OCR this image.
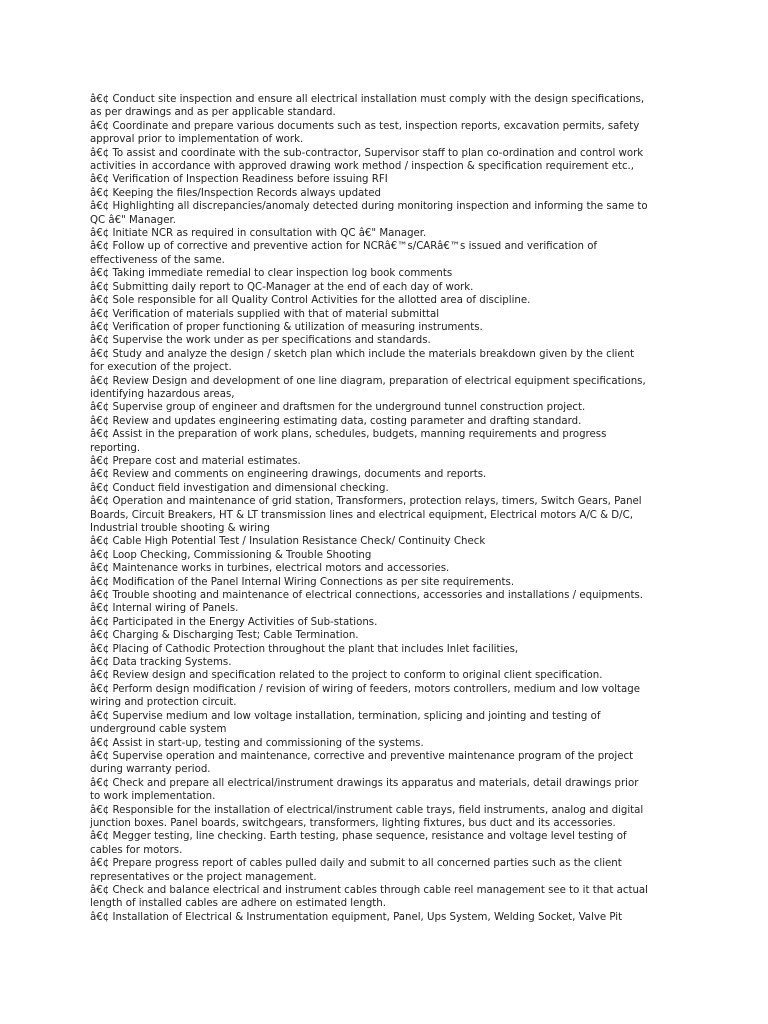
â€¢ Conduct site inspection and ensure all electrical installation must comply with the design specifications,
as per drawings and as per applicable standard.
â€¢ Coordinate and prepare various documents such as test, inspection reports, excavation permits, safety
approval prior to implementation of work.
â€¢ To assist and coordinate with the sub-contractor, Supervisor staff to plan co-ordination and control work
activities in accordance with approved drawing work method / inspection & specification requirement etc.,
â€¢ Verification of Inspection Readiness before issuing RFI
â€¢ Keeping the files/Inspection Records always updated
â€¢ Highlighting all discrepancies/anomaly detected during monitoring inspection and informing the same to
QC â€" Manager.
â€¢ Initiate NCR as required in consultation with QC â€" Manager.
â€¢ Follow up of corrective and preventive action for NCRâ€™s/CARâ€™s issued and verification of
effectiveness of the same.
â€¢ Taking immediate remedial to clear inspection log book comments
â€¢ Submitting daily report to QC-Manager at the end of each day of work.
â€¢ Sole responsible for all Quality Control Activities for the allotted area of discipline.
â€¢ Verification of materials supplied with that of material submittal
â€¢ Verification of proper functioning & utilization of measuring instruments.
â€¢ Supervise the work under as per specifications and standards.
â€¢ Study and analyze the design / sketch plan which include the materials breakdown given by the client
for execution of the project.
â€¢ Review Design and development of one line diagram, preparation of electrical equipment specifications,
identifying hazardous areas,
â€¢ Supervise group of engineer and draftsmen for the underground tunnel construction project.
â€¢ Review and updates engineering estimating data, costing parameter and drafting standard.
â€¢ Assist in the preparation of work plans, schedules, budgets, manning requirements and progress
reporting.
â€¢ Prepare cost and material estimates.
â€¢ Review and comments on engineering drawings, documents and reports.
â€¢ Conduct field investigation and dimensional checking.
â€¢ Operation and maintenance of grid station, Transformers, protection relays, timers, Switch Gears, Panel
Boards, Circuit Breakers, HT & LT transmission lines and electrical equipment, Electrical motors A/C & D/C,
Industrial trouble shooting & wiring
â€¢ Cable High Potential Test / Insulation Resistance Check/ Continuity Check
â€¢ Loop Checking, Commissioning & Trouble Shooting
â€¢ Maintenance works in turbines, electrical motors and accessories.
â€¢ Modification of the Panel Internal Wiring Connections as per site requirements.
â€¢ Trouble shooting and maintenance of electrical connections, accessories and installations / equipments.
â€¢ Internal wiring of Panels.
â€¢ Participated in the Energy Activities of Sub-stations.
â€¢ Charging & Discharging Test; Cable Termination.
â€¢ Placing of Cathodic Protection throughout the plant that includes Inlet facilities,
â€¢ Data tracking Systems.
â€¢ Review design and specification related to the project to conform to original client specification.
â€¢ Perform design modification / revision of wiring of feeders, motors controllers, medium and low voltage
wiring and protection circuit.
â€¢ Supervise medium and low voltage installation, termination, splicing and jointing and testing of
underground cable system
â€¢ Assist in start-up, testing and commissioning of the systems.
â€¢ Supervise operation and maintenance, corrective and preventive maintenance program of the project
during warranty period.
â€¢ Check and prepare all electrical/instrument drawings its apparatus and materials, detail drawings prior
to work implementation.
â€¢ Responsible for the installation of electrical/instrument cable trays, field instruments, analog and digital
junction boxes. Panel boards, switchgears, transformers, lighting fixtures, bus duct and its accessories.
â€¢ Megger testing, line checking. Earth testing, phase sequence, resistance and voltage level testing of
cables for motors.
â€¢ Prepare progress report of cables pulled daily and submit to all concerned parties such as the client
representatives or the project management.
â€¢ Check and balance electrical and instrument cables through cable reel management see to it that actual
length of installed cables are adhere on estimated length.
â€¢ Installation of Electrical & Instrumentation equipment, Panel, Ups System, Welding Socket, Valve Pit
